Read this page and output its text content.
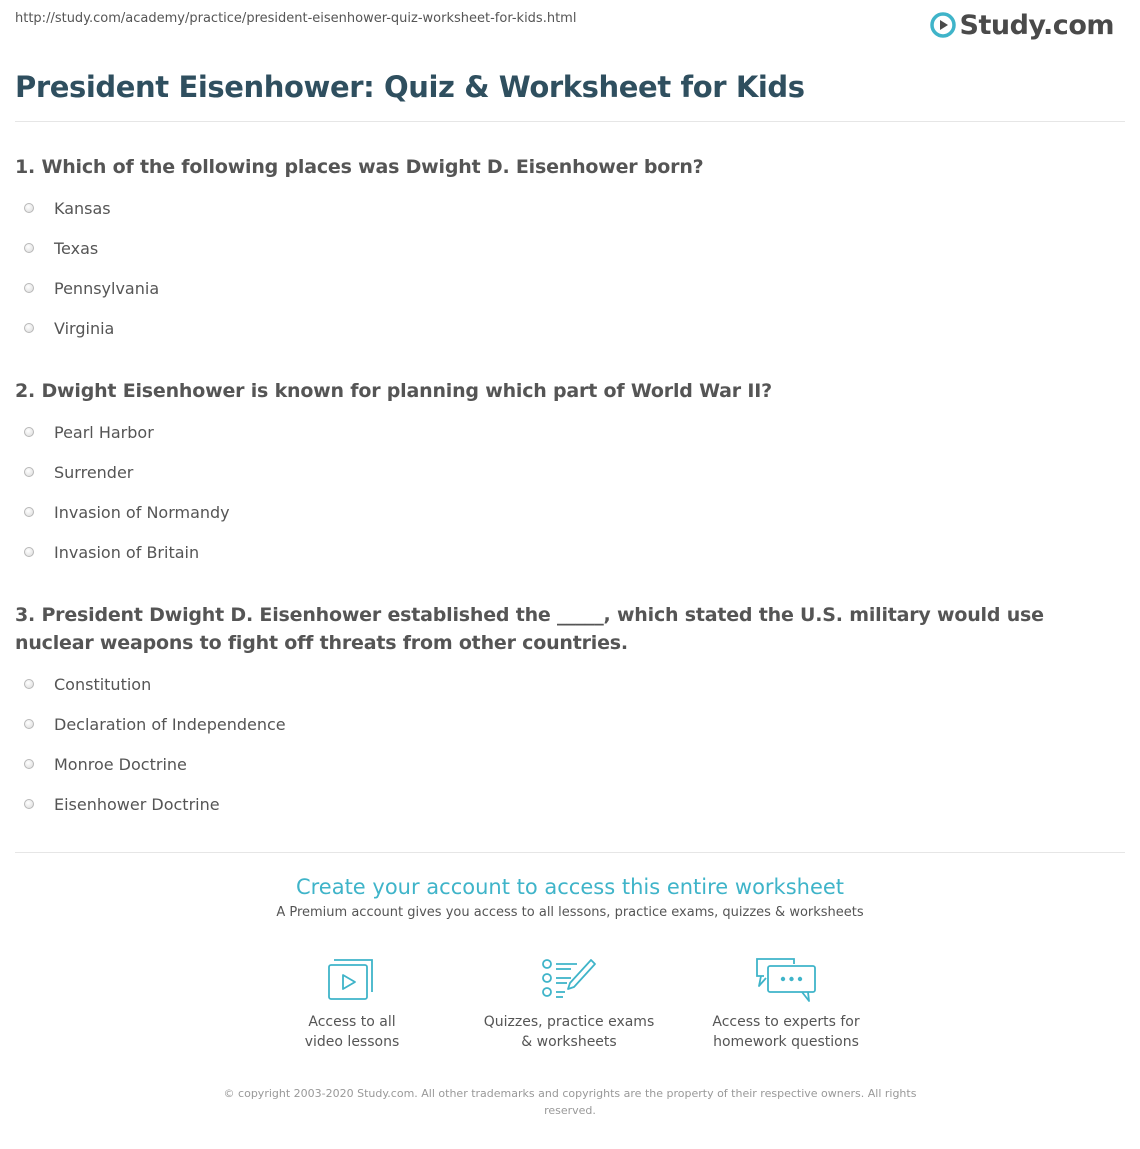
http://study.com/academy/practice/president-eisenhower-quiz-worksheet-for-kids.html	Study.com
President Eisenhower: Quiz & Worksheet for Kids

1. Which of the following places was Dwight D. Eisenhower born?

Kansas
Texas
Pennsylvania
Virginia

2. Dwight Eisenhower is known for planning which part of World War II?

Pearl Harbor
Surrender
Invasion of Normandy
Invasion of Britain

3. President Dwight D. Eisenhower established the _____, which stated the U.S. military would use nuclear weapons to fight off threats from other countries.

Constitution
Declaration of Independence
Monroe Doctrine
Eisenhower Doctrine

Create your account to access this entire worksheet

A Premium account gives you access to all lessons, practice exams, quizzes & worksheets
Access to all
video lessons
Quizzes, practice exams
& worksheets
Access to experts for
homework questions
© copyright 2003-2020 Study.com. All other trademarks and copyrights are the property of their respective owners. All rights
reserved.
